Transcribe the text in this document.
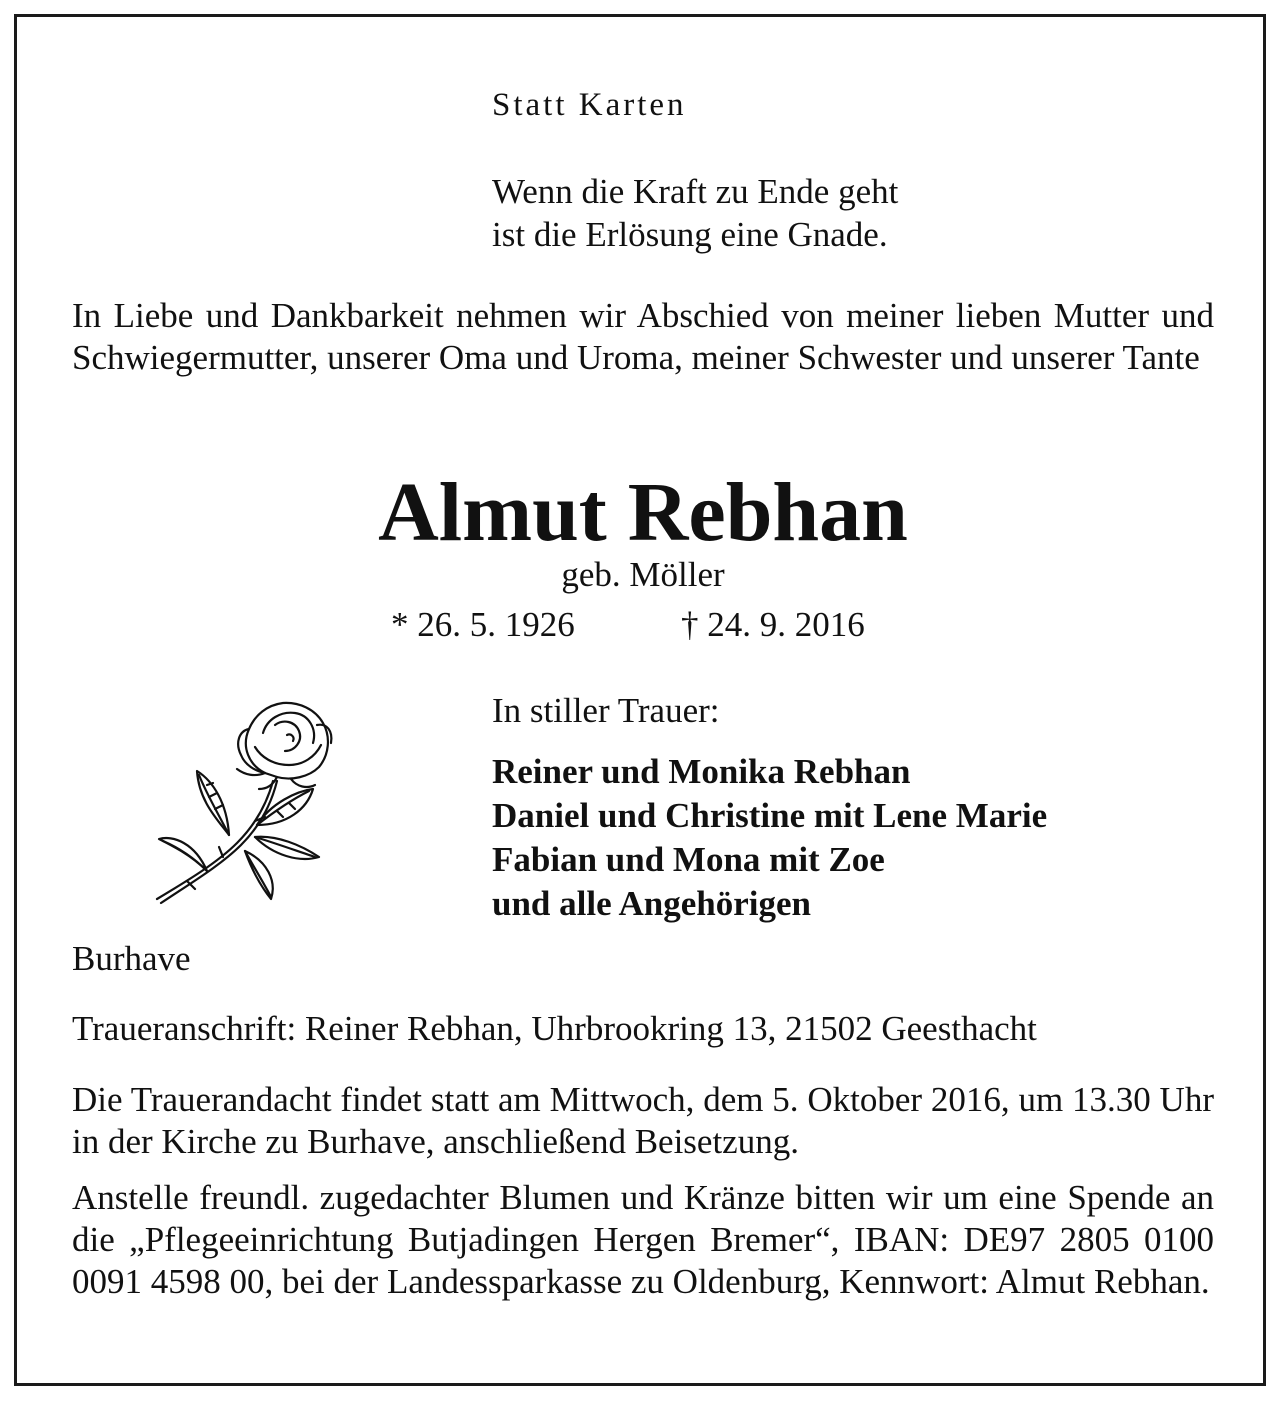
Statt Karten

Wenn die Kraft zu Ende geht
ist die Erlösung eine Gnade.

In Liebe und Dankbarkeit nehmen wir Abschied von meiner lieben Mutter und Schwiegermutter, unserer Oma und Uroma, meiner Schwester und unserer Tante

Almut Rebhan
geb. Möller
* 26. 5. 1926	† 24. 9. 2016
In stiller Trauer:
Reiner und Monika Rebhan
Daniel und Christine mit Lene Marie
Fabian und Mona mit Zoe
und alle Angehörigen
Burhave
Traueranschrift: Reiner Rebhan, Uhrbrookring 13, 21502 Geesthacht

Die Trauerandacht findet statt am Mittwoch, dem 5. Oktober 2016, um 13.30 Uhr in der Kirche zu Burhave, anschließend Beisetzung.

Anstelle freundl. zugedachter Blumen und Kränze bitten wir um eine Spende an die „Pflegeeinrichtung Butjadingen Hergen Bremer“, IBAN: DE97 2805 0100 0091 4598 00, bei der Landessparkasse zu Oldenburg, Kennwort: Almut Rebhan.
